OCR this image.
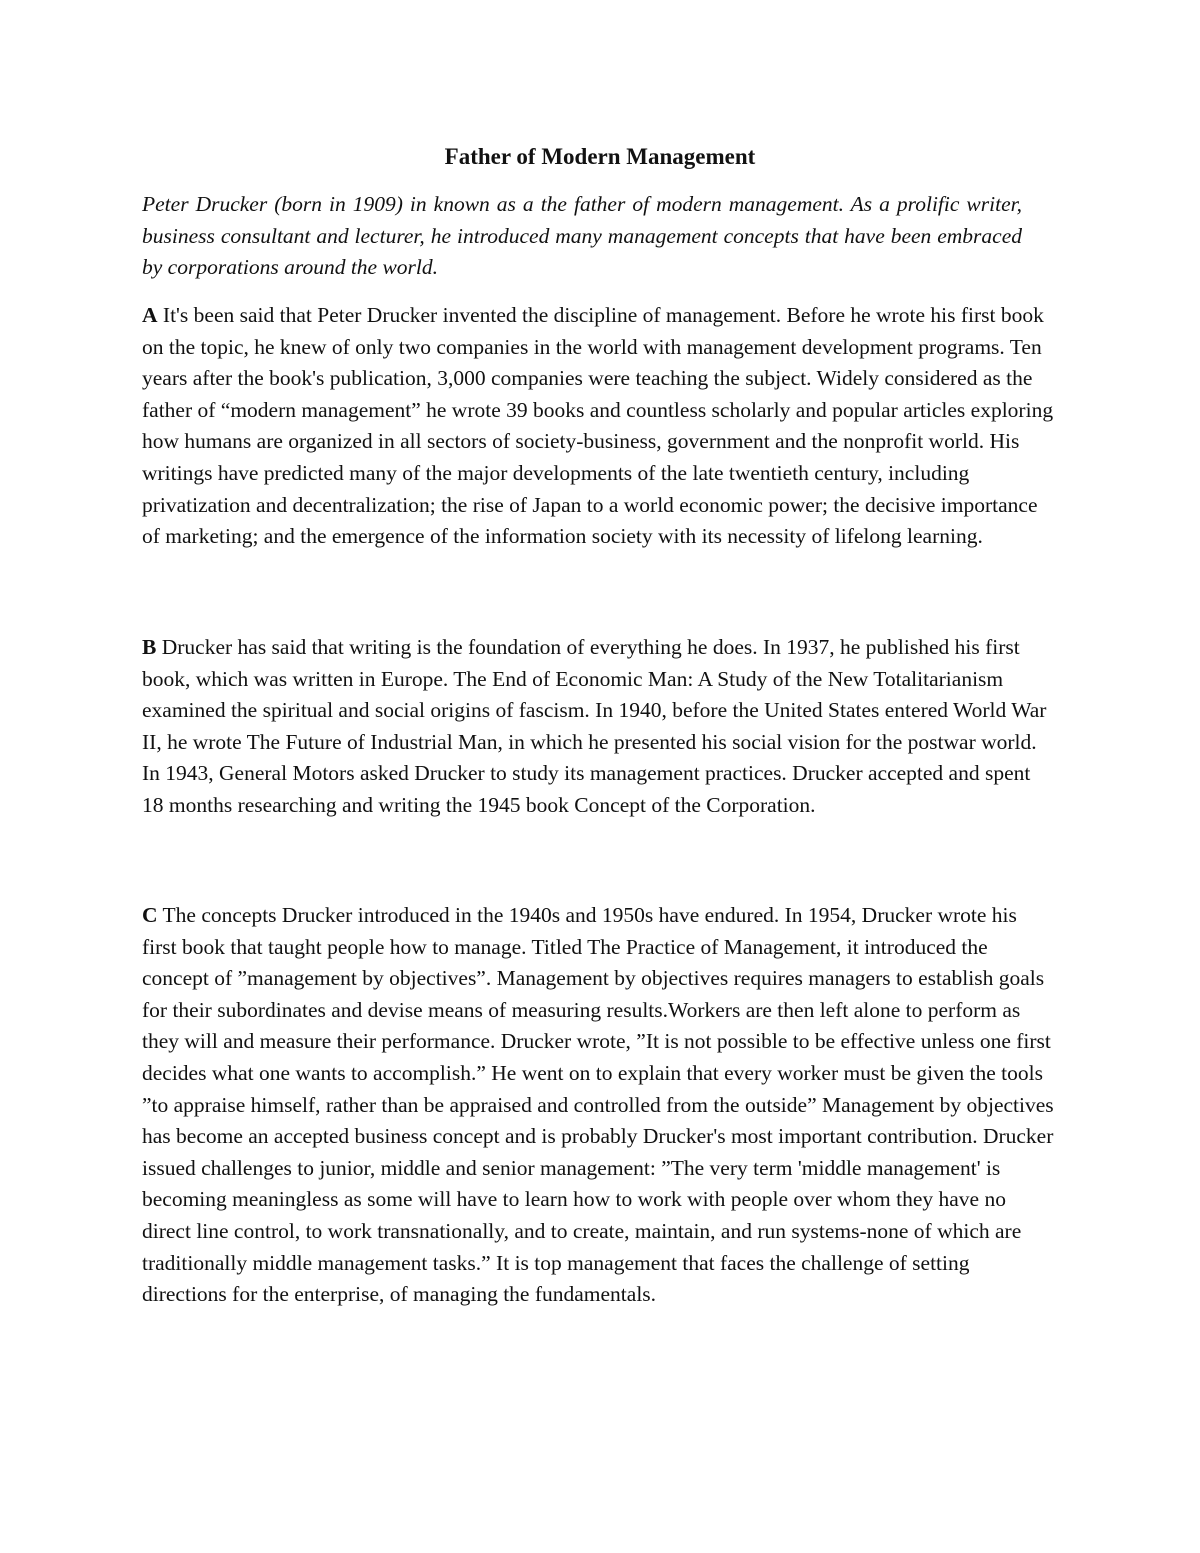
Father of Modern Management

Peter Drucker (born in 1909) in known as a the father of modern management. As a prolific writer, business consultant and lecturer, he introduced many management concepts that have been embraced by corporations around the world.

A It's been said that Peter Drucker invented the discipline of management. Before he wrote his first book on the topic, he knew of only two companies in the world with management development programs. Ten years after the book's publication, 3,000 companies were teaching the subject. Widely considered as the father of “modern management” he wrote 39 books and countless scholarly and popular articles exploring how humans are organized in all sectors of society-business, government and the nonprofit world. His writings have predicted many of the major developments of the late twentieth century, including privatization and decentralization; the rise of Japan to a world economic power; the decisive importance of marketing; and the emergence of the information society with its necessity of lifelong learning.

B Drucker has said that writing is the foundation of everything he does. In 1937, he published his first book, which was written in Europe. The End of Economic Man: A Study of the New Totalitarianism examined the spiritual and social origins of fascism. In 1940, before the United States entered World War II, he wrote The Future of Industrial Man, in which he presented his social vision for the postwar world. In 1943, General Motors asked Drucker to study its management practices. Drucker accepted and spent 18 months researching and writing the 1945 book Concept of the Corporation.

C The concepts Drucker introduced in the 1940s and 1950s have endured. In 1954, Drucker wrote his first book that taught people how to manage. Titled The Practice of Management, it introduced the concept of ”management by objectives”. Management by objectives requires managers to establish goals for their subordinates and devise means of measuring results.Workers are then left alone to perform as they will and measure their performance. Drucker wrote, ”It is not possible to be effective unless one first decides what one wants to accomplish.” He went on to explain that every worker must be given the tools ”to appraise himself, rather than be appraised and controlled from the outside” Management by objectives has become an accepted business concept and is probably Drucker's most important contribution. Drucker issued challenges to junior, middle and senior management: ”The very term 'middle management' is becoming meaningless as some will have to learn how to work with people over whom they have no direct line control, to work transnationally, and to create, maintain, and run systems-none of which are traditionally middle management tasks.” It is top management that faces the challenge of setting directions for the enterprise, of managing the fundamentals.
